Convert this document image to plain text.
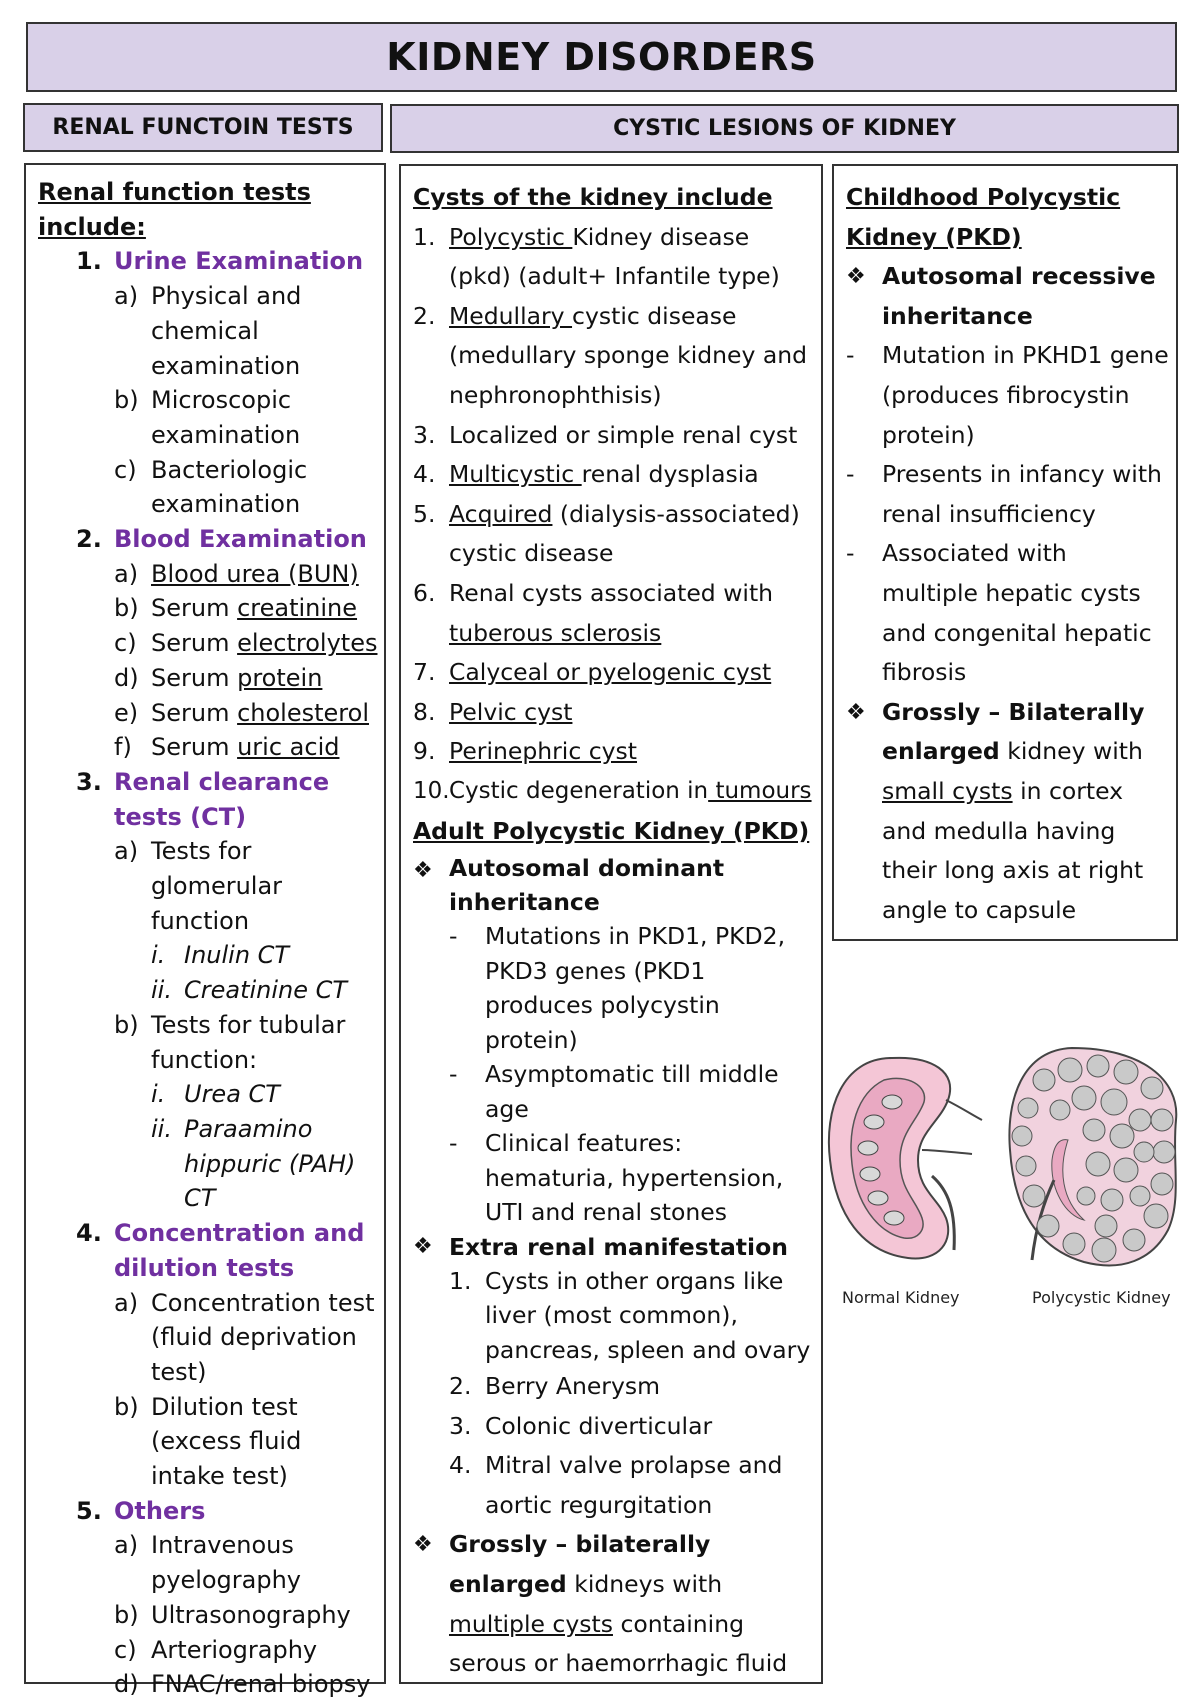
KIDNEY DISORDERS
RENAL FUNCTOIN TESTS	CYSTIC LESIONS OF KIDNEY
Renal function tests include:
1. Urine Examination
a) Physical and chemical examination
b) Microscopic examination
c) Bacteriologic examination
2. Blood Examination
a) Blood urea (BUN)
b) Serum creatinine
c) Serum electrolytes
d) Serum protein
e) Serum cholesterol
f) Serum uric acid
3. Renal clearance tests (CT)
a) Tests for glomerular function
i. Inulin CT
ii. Creatinine CT
b) Tests for tubular function:
i. Urea CT
ii. Paraamino hippuric (PAH) CT
4. Concentration and dilution tests
a) Concentration test (fluid deprivation test)
b) Dilution test (excess fluid intake test)
5. Others
a) Intravenous pyelography
b) Ultrasonography
c) Arteriography
d) FNAC/renal biopsy
Cysts of the kidney include
1. Polycystic Kidney disease (pkd) (adult+ Infantile type)
2. Medullary cystic disease (medullary sponge kidney and nephronophthisis)
3. Localized or simple renal cyst
4. Multicystic renal dysplasia
5. Acquired (dialysis-associated) cystic disease
6. Renal cysts associated with tuberous sclerosis
7. Calyceal or pyelogenic cyst
8. Pelvic cyst
9. Perinephric cyst
10. Cystic degeneration in tumours
Adult Polycystic Kidney (PKD)
❖ Autosomal dominant inheritance
-	Mutations in PKD1, PKD2, PKD3 genes (PKD1 produces polycystin protein)
-	Asymptomatic till middle age
-	Clinical features: hematuria, hypertension, UTI and renal stones
❖ Extra renal manifestation
1. Cysts in other organs like liver (most common), pancreas, spleen and ovary
2. Berry Anerysm
3. Colonic diverticular
4. Mitral valve prolapse and aortic regurgitation
❖ Grossly – bilaterally enlarged kidneys with multiple cysts containing serous or haemorrhagic fluid
Childhood Polycystic Kidney (PKD)
❖ Autosomal recessive inheritance
-	Mutation in PKHD1 gene (produces fibrocystin protein)
-	Presents in infancy with renal insufficiency
-	Associated with multiple hepatic cysts and congenital hepatic fibrosis
❖ Grossly – Bilaterally enlarged kidney with small cysts in cortex and medulla having their long axis at right angle to capsule
Normal Kidney	Polycystic Kidney
